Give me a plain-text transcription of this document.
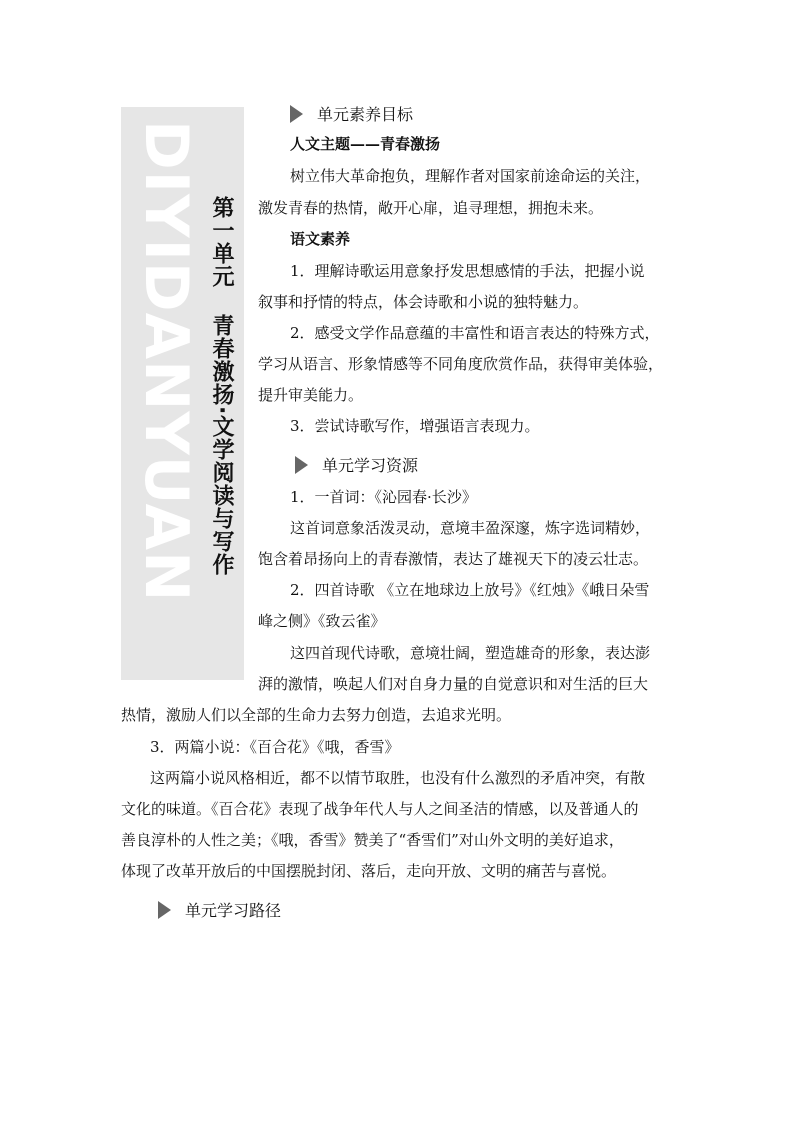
DIYIDANYUAN 第一单元青春激扬·文学阅读与写作
单元素养目标
人文主题——青春激扬
树立伟大革命抱负，理解作者对国家前途命运的关注，
激发青春的热情，敞开心扉，追寻理想，拥抱未来。
语文素养
1．理解诗歌运用意象抒发思想感情的手法，把握小说
叙事和抒情的特点，体会诗歌和小说的独特魅力。
2．感受文学作品意蕴的丰富性和语言表达的特殊方式，
学习从语言、形象情感等不同角度欣赏作品，获得审美体验，
提升审美能力。
3．尝试诗歌写作，增强语言表现力。
单元学习资源
1．一首词：《沁园春·长沙》
这首词意象活泼灵动，意境丰盈深邃，炼字选词精妙，
饱含着昂扬向上的青春激情，表达了雄视天下的凌云壮志。
2．四首诗歌 《立在地球边上放号》《红烛》《峨日朵雪
峰之侧》《致云雀》
这四首现代诗歌，意境壮阔，塑造雄奇的形象，表达澎
湃的激情，唤起人们对自身力量的自觉意识和对生活的巨大
热情，激励人们以全部的生命力去努力创造，去追求光明。
3．两篇小说：《百合花》《哦，香雪》
这两篇小说风格相近，都不以情节取胜，也没有什么激烈的矛盾冲突，有散
文化的味道。《百合花》表现了战争年代人与人之间圣洁的情感，以及普通人的
善良淳朴的人性之美；《哦，香雪》赞美了“香雪们”对山外文明的美好追求，
体现了改革开放后的中国摆脱封闭、落后，走向开放、文明的痛苦与喜悦。
单元学习路径
